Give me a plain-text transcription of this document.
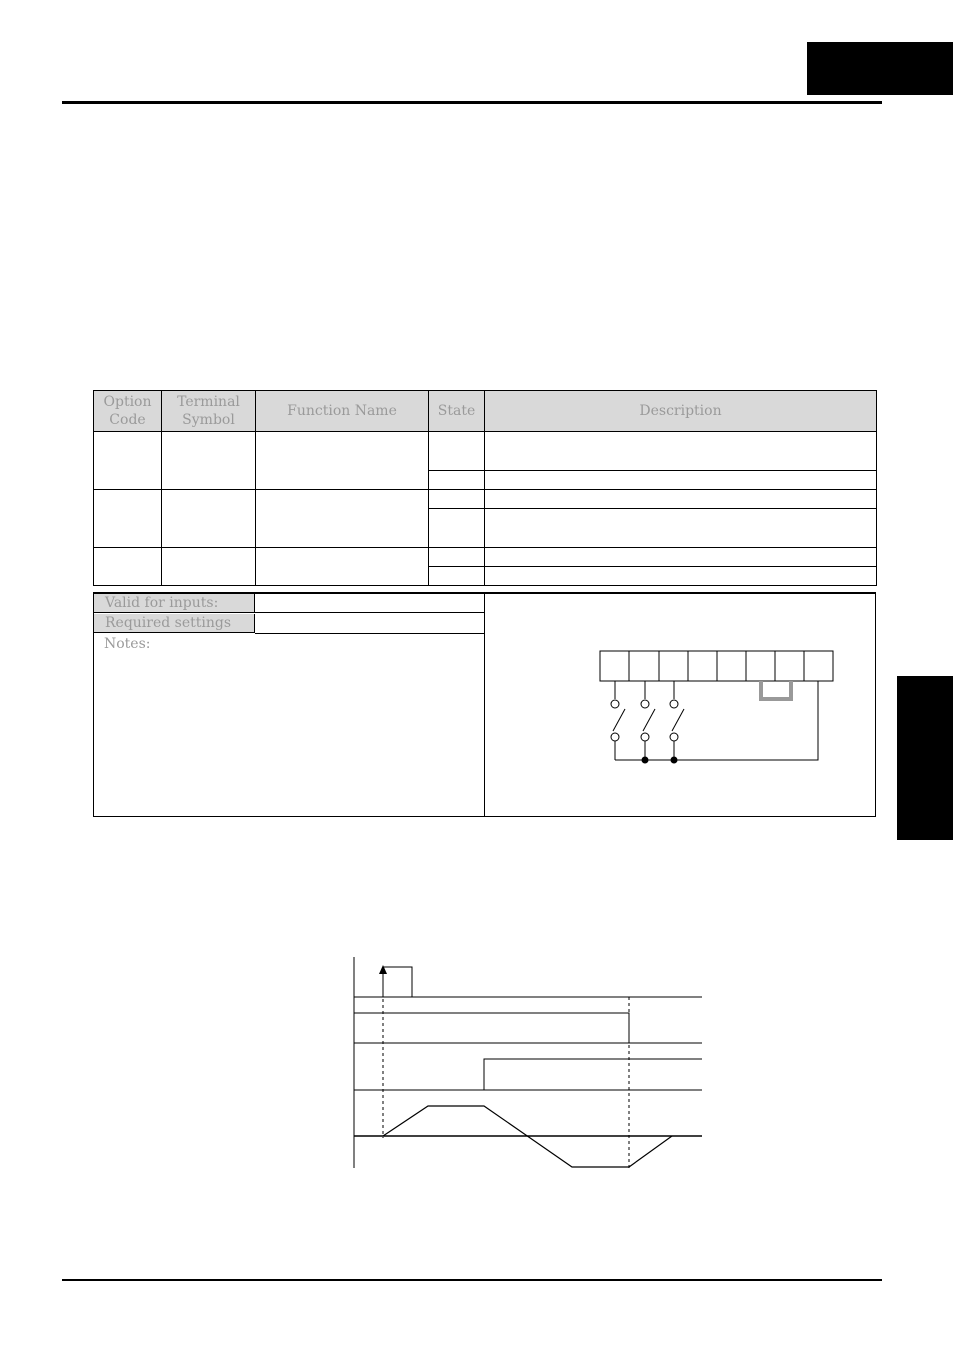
Option Code	Terminal Symbol	Function Name	State	Description

Valid for inputs:
Required settings
Notes:
